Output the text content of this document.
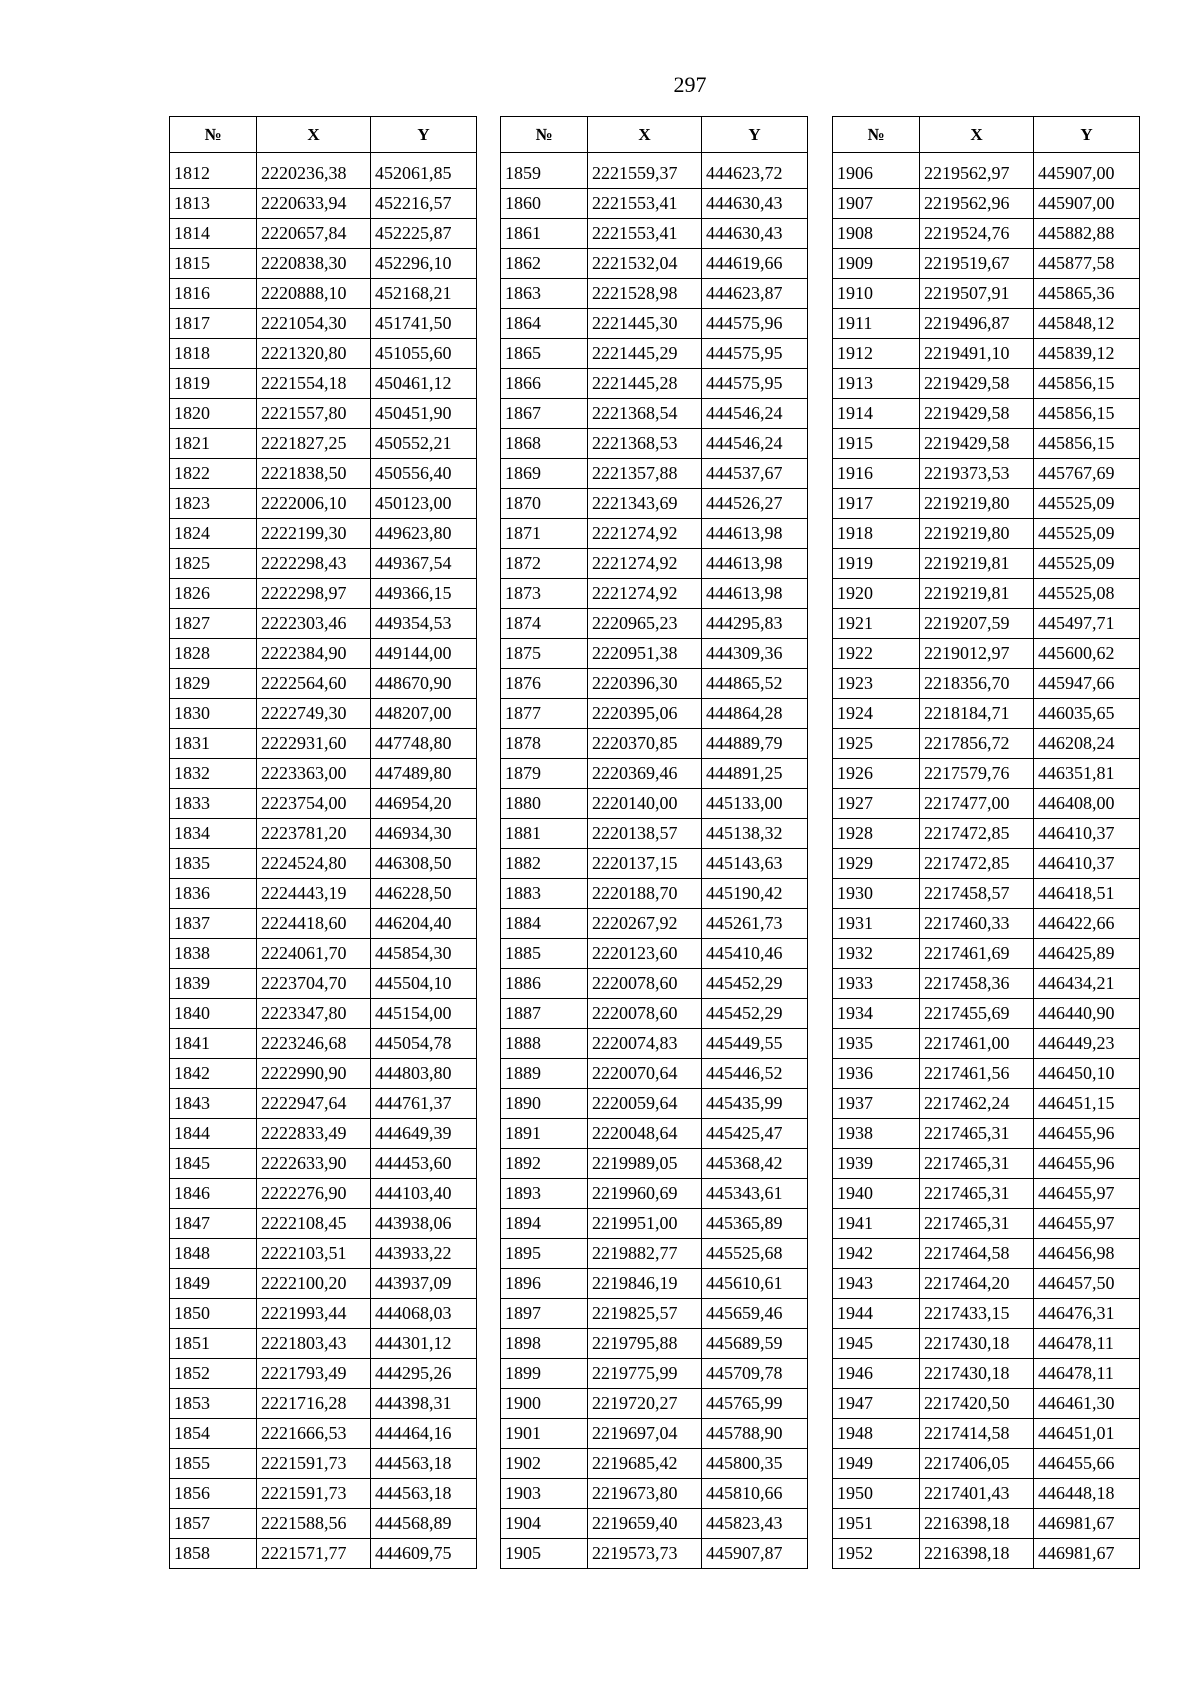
297
№	X	Y
1812	2220236,38	452061,85
1813	2220633,94	452216,57
1814	2220657,84	452225,87
1815	2220838,30	452296,10
1816	2220888,10	452168,21
1817	2221054,30	451741,50
1818	2221320,80	451055,60
1819	2221554,18	450461,12
1820	2221557,80	450451,90
1821	2221827,25	450552,21
1822	2221838,50	450556,40
1823	2222006,10	450123,00
1824	2222199,30	449623,80
1825	2222298,43	449367,54
1826	2222298,97	449366,15
1827	2222303,46	449354,53
1828	2222384,90	449144,00
1829	2222564,60	448670,90
1830	2222749,30	448207,00
1831	2222931,60	447748,80
1832	2223363,00	447489,80
1833	2223754,00	446954,20
1834	2223781,20	446934,30
1835	2224524,80	446308,50
1836	2224443,19	446228,50
1837	2224418,60	446204,40
1838	2224061,70	445854,30
1839	2223704,70	445504,10
1840	2223347,80	445154,00
1841	2223246,68	445054,78
1842	2222990,90	444803,80
1843	2222947,64	444761,37
1844	2222833,49	444649,39
1845	2222633,90	444453,60
1846	2222276,90	444103,40
1847	2222108,45	443938,06
1848	2222103,51	443933,22
1849	2222100,20	443937,09
1850	2221993,44	444068,03
1851	2221803,43	444301,12
1852	2221793,49	444295,26
1853	2221716,28	444398,31
1854	2221666,53	444464,16
1855	2221591,73	444563,18
1856	2221591,73	444563,18
1857	2221588,56	444568,89
1858	2221571,77	444609,75
№	X	Y
1859	2221559,37	444623,72
1860	2221553,41	444630,43
1861	2221553,41	444630,43
1862	2221532,04	444619,66
1863	2221528,98	444623,87
1864	2221445,30	444575,96
1865	2221445,29	444575,95
1866	2221445,28	444575,95
1867	2221368,54	444546,24
1868	2221368,53	444546,24
1869	2221357,88	444537,67
1870	2221343,69	444526,27
1871	2221274,92	444613,98
1872	2221274,92	444613,98
1873	2221274,92	444613,98
1874	2220965,23	444295,83
1875	2220951,38	444309,36
1876	2220396,30	444865,52
1877	2220395,06	444864,28
1878	2220370,85	444889,79
1879	2220369,46	444891,25
1880	2220140,00	445133,00
1881	2220138,57	445138,32
1882	2220137,15	445143,63
1883	2220188,70	445190,42
1884	2220267,92	445261,73
1885	2220123,60	445410,46
1886	2220078,60	445452,29
1887	2220078,60	445452,29
1888	2220074,83	445449,55
1889	2220070,64	445446,52
1890	2220059,64	445435,99
1891	2220048,64	445425,47
1892	2219989,05	445368,42
1893	2219960,69	445343,61
1894	2219951,00	445365,89
1895	2219882,77	445525,68
1896	2219846,19	445610,61
1897	2219825,57	445659,46
1898	2219795,88	445689,59
1899	2219775,99	445709,78
1900	2219720,27	445765,99
1901	2219697,04	445788,90
1902	2219685,42	445800,35
1903	2219673,80	445810,66
1904	2219659,40	445823,43
1905	2219573,73	445907,87
№	X	Y
1906	2219562,97	445907,00
1907	2219562,96	445907,00
1908	2219524,76	445882,88
1909	2219519,67	445877,58
1910	2219507,91	445865,36
1911	2219496,87	445848,12
1912	2219491,10	445839,12
1913	2219429,58	445856,15
1914	2219429,58	445856,15
1915	2219429,58	445856,15
1916	2219373,53	445767,69
1917	2219219,80	445525,09
1918	2219219,80	445525,09
1919	2219219,81	445525,09
1920	2219219,81	445525,08
1921	2219207,59	445497,71
1922	2219012,97	445600,62
1923	2218356,70	445947,66
1924	2218184,71	446035,65
1925	2217856,72	446208,24
1926	2217579,76	446351,81
1927	2217477,00	446408,00
1928	2217472,85	446410,37
1929	2217472,85	446410,37
1930	2217458,57	446418,51
1931	2217460,33	446422,66
1932	2217461,69	446425,89
1933	2217458,36	446434,21
1934	2217455,69	446440,90
1935	2217461,00	446449,23
1936	2217461,56	446450,10
1937	2217462,24	446451,15
1938	2217465,31	446455,96
1939	2217465,31	446455,96
1940	2217465,31	446455,97
1941	2217465,31	446455,97
1942	2217464,58	446456,98
1943	2217464,20	446457,50
1944	2217433,15	446476,31
1945	2217430,18	446478,11
1946	2217430,18	446478,11
1947	2217420,50	446461,30
1948	2217414,58	446451,01
1949	2217406,05	446455,66
1950	2217401,43	446448,18
1951	2216398,18	446981,67
1952	2216398,18	446981,67
